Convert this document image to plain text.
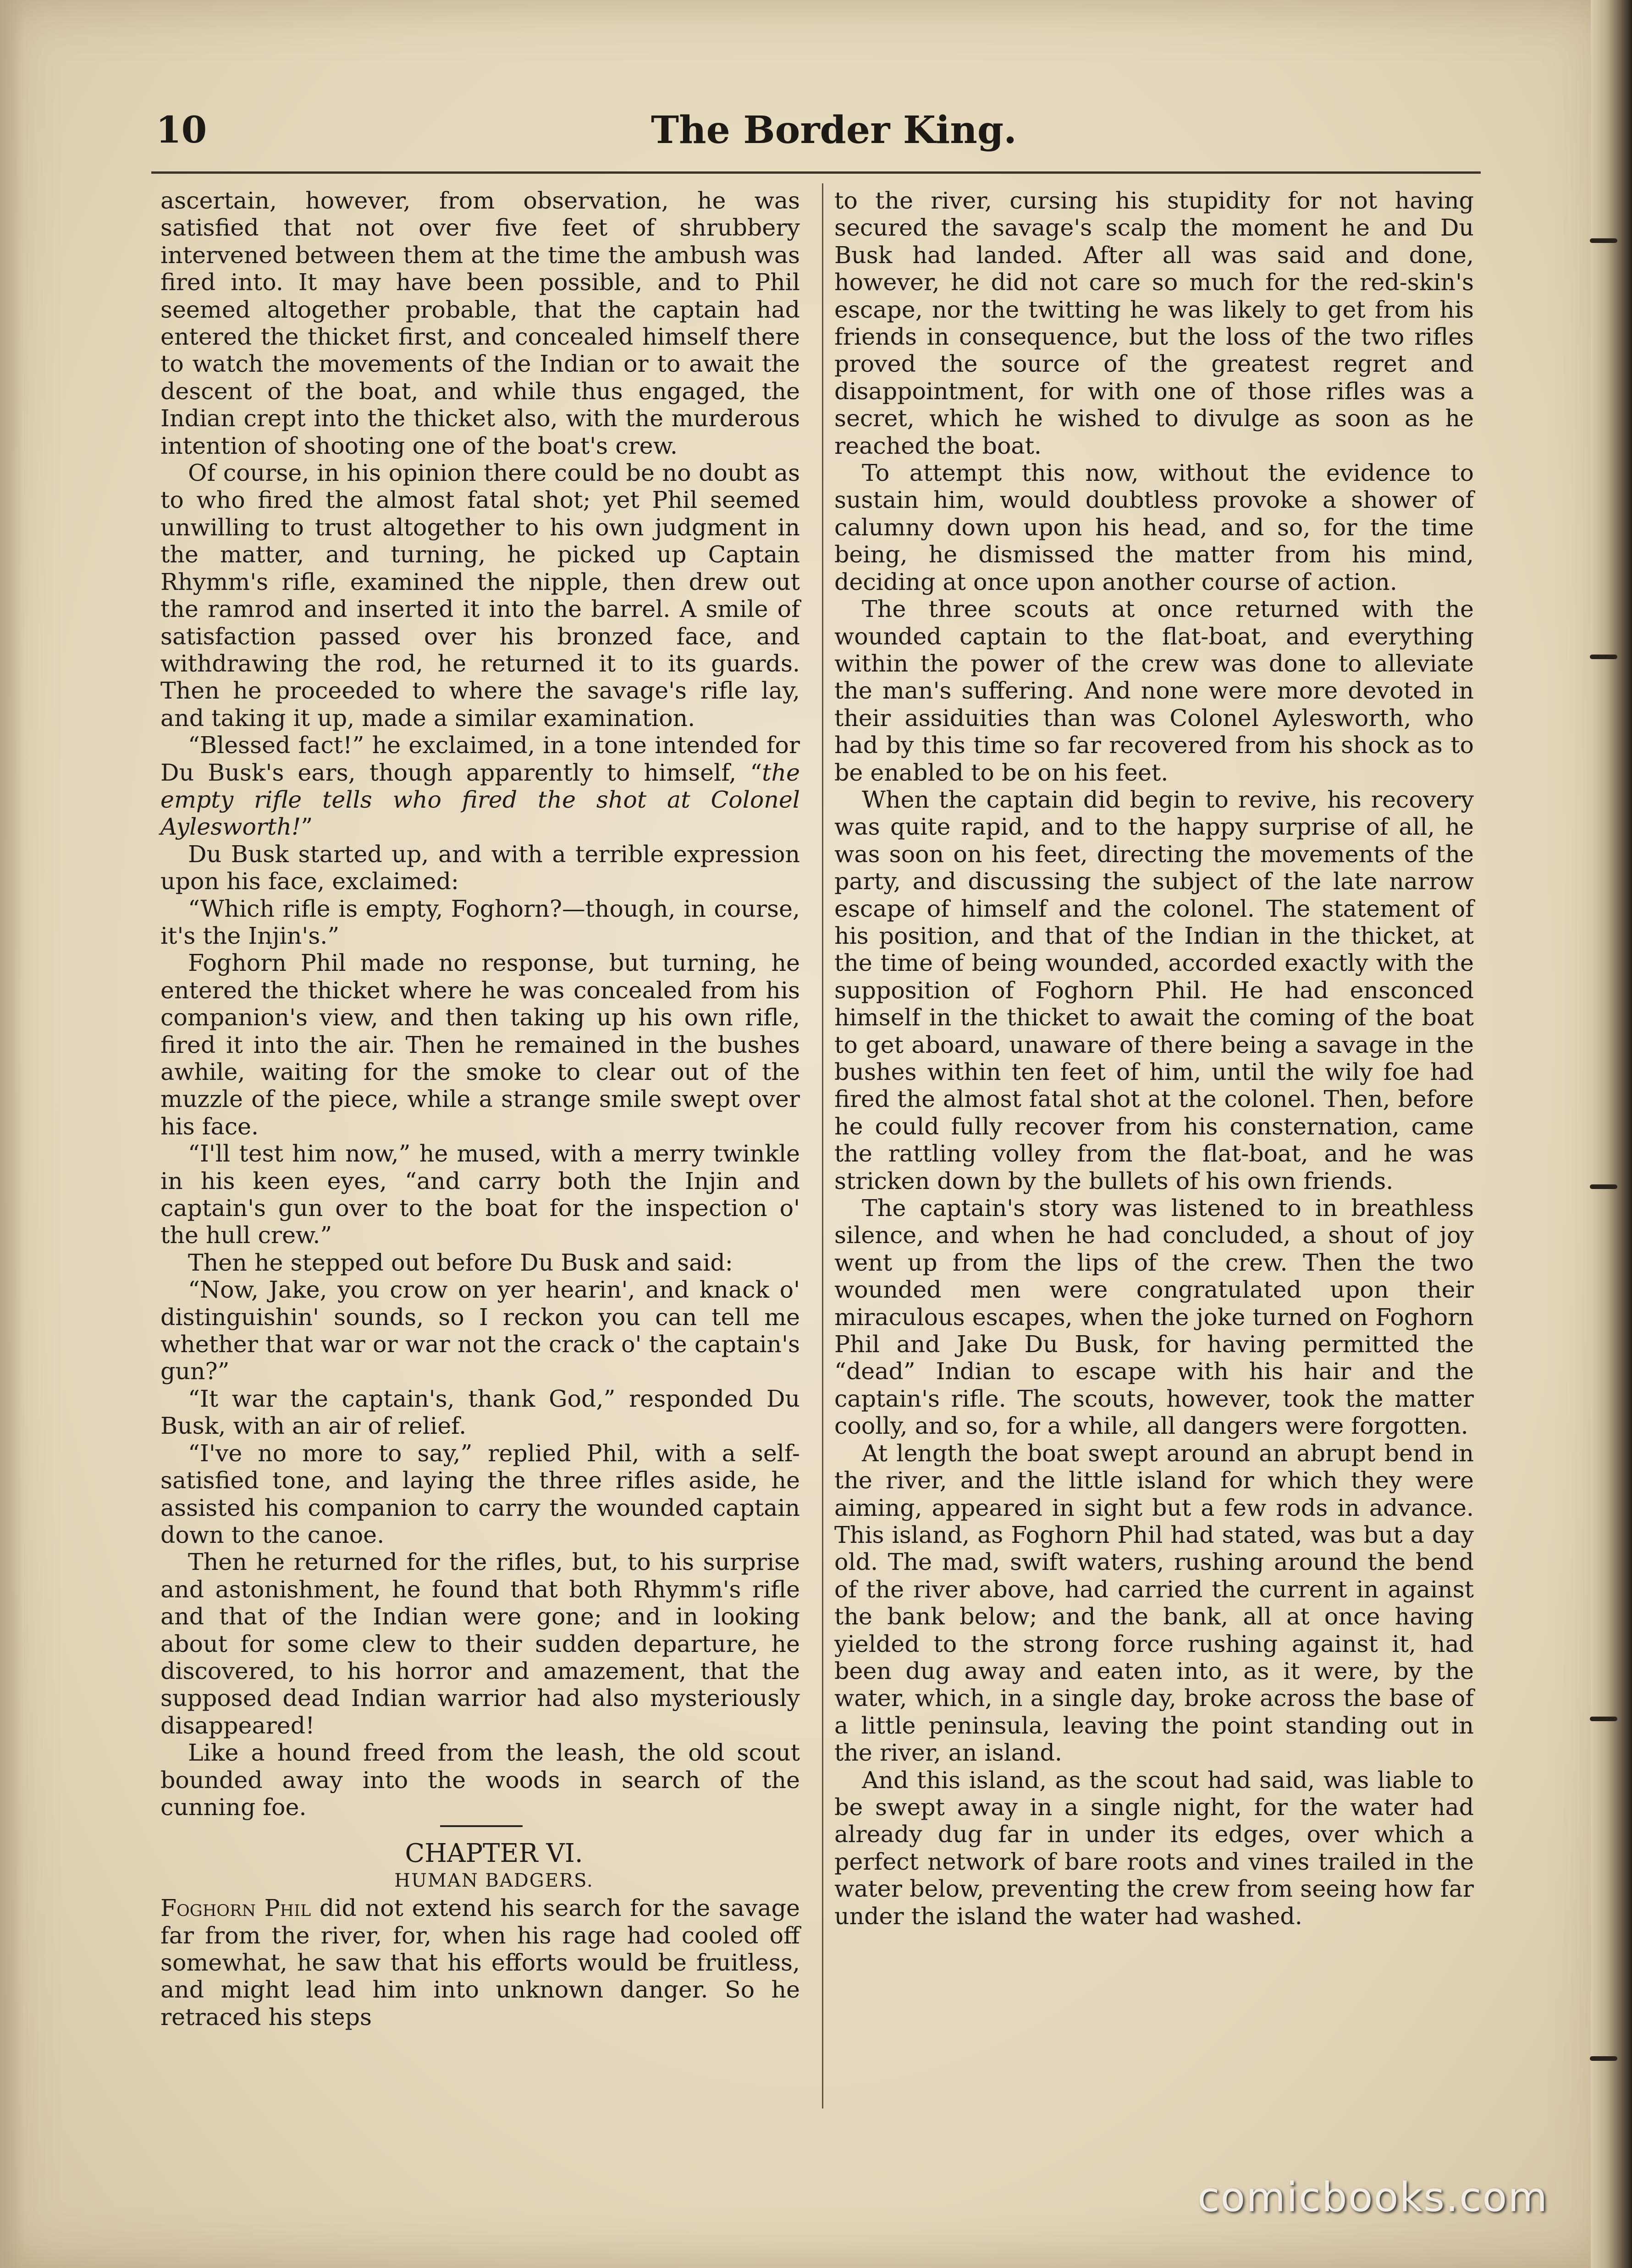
10	The Border King.

ascertain, however, from observation, he was satisfied that not over five feet of shrubbery intervened between them at the time the ambush was fired into. It may have been possible, and to Phil seemed altogether probable, that the captain had entered the thicket first, and concealed himself there to watch the movements of the Indian or to await the descent of the boat, and while thus engaged, the Indian crept into the thicket also, with the murderous intention of shooting one of the boat's crew.

Of course, in his opinion there could be no doubt as to who fired the almost fatal shot; yet Phil seemed unwilling to trust altogether to his own judgment in the matter, and turning, he picked up Captain Rhymm's rifle, examined the nipple, then drew out the ramrod and inserted it into the barrel. A smile of satisfaction passed over his bronzed face, and withdrawing the rod, he returned it to its guards. Then he proceeded to where the savage's rifle lay, and taking it up, made a similar examination.

“Blessed fact!” he exclaimed, in a tone intended for Du Busk's ears, though apparently to himself, “the empty rifle tells who fired the shot at Colonel Aylesworth!”

Du Busk started up, and with a terrible expression upon his face, exclaimed:

“Which rifle is empty, Foghorn?—though, in course, it's the Injin's.”

Foghorn Phil made no response, but turning, he entered the thicket where he was concealed from his companion's view, and then taking up his own rifle, fired it into the air. Then he remained in the bushes awhile, waiting for the smoke to clear out of the muzzle of the piece, while a strange smile swept over his face.

“I'll test him now,” he mused, with a merry twinkle in his keen eyes, “and carry both the Injin and captain's gun over to the boat for the inspection o' the hull crew.”

Then he stepped out before Du Busk and said:

“Now, Jake, you crow on yer hearin', and knack o' distinguishin' sounds, so I reckon you can tell me whether that war or war not the crack o' the captain's gun?”

“It war the captain's, thank God,” responded Du Busk, with an air of relief.

“I've no more to say,” replied Phil, with a self-satisfied tone, and laying the three rifles aside, he assisted his companion to carry the wounded captain down to the canoe.

Then he returned for the rifles, but, to his surprise and astonishment, he found that both Rhymm's rifle and that of the Indian were gone; and in looking about for some clew to their sudden departure, he discovered, to his horror and amazement, that the supposed dead Indian warrior had also mysteriously disappeared!

Like a hound freed from the leash, the old scout bounded away into the woods in search of the cunning foe.

CHAPTER VI.

HUMAN BADGERS.

Foghorn Phil did not extend his search for the savage far from the river, for, when his rage had cooled off somewhat, he saw that his efforts would be fruitless, and might lead him into unknown danger. So he retraced his steps

to the river, cursing his stupidity for not having secured the savage's scalp the moment he and Du Busk had landed. After all was said and done, however, he did not care so much for the red-skin's escape, nor the twitting he was likely to get from his friends in consequence, but the loss of the two rifles proved the source of the greatest regret and disappointment, for with one of those rifles was a secret, which he wished to divulge as soon as he reached the boat.

To attempt this now, without the evidence to sustain him, would doubtless provoke a shower of calumny down upon his head, and so, for the time being, he dismissed the matter from his mind, deciding at once upon another course of action.

The three scouts at once returned with the wounded captain to the flat-boat, and everything within the power of the crew was done to alleviate the man's suffering. And none were more devoted in their assiduities than was Colonel Aylesworth, who had by this time so far recovered from his shock as to be enabled to be on his feet.

When the captain did begin to revive, his recovery was quite rapid, and to the happy surprise of all, he was soon on his feet, directing the movements of the party, and discussing the subject of the late narrow escape of himself and the colonel. The statement of his position, and that of the Indian in the thicket, at the time of being wounded, accorded exactly with the supposition of Foghorn Phil. He had ensconced himself in the thicket to await the coming of the boat to get aboard, unaware of there being a savage in the bushes within ten feet of him, until the wily foe had fired the almost fatal shot at the colonel. Then, before he could fully recover from his consternation, came the rattling volley from the flat-boat, and he was stricken down by the bullets of his own friends.

The captain's story was listened to in breathless silence, and when he had concluded, a shout of joy went up from the lips of the crew. Then the two wounded men were congratulated upon their miraculous escapes, when the joke turned on Foghorn Phil and Jake Du Busk, for having permitted the “dead” Indian to escape with his hair and the captain's rifle. The scouts, however, took the matter coolly, and so, for a while, all dangers were forgotten.

At length the boat swept around an abrupt bend in the river, and the little island for which they were aiming, appeared in sight but a few rods in advance. This island, as Foghorn Phil had stated, was but a day old. The mad, swift waters, rushing around the bend of the river above, had carried the current in against the bank below; and the bank, all at once having yielded to the strong force rushing against it, had been dug away and eaten into, as it were, by the water, which, in a single day, broke across the base of a little peninsula, leaving the point standing out in the river, an island.

And this island, as the scout had said, was liable to be swept away in a single night, for the water had already dug far in under its edges, over which a perfect network of bare roots and vines trailed in the water below, preventing the crew from seeing how far under the island the water had washed.

comicbooks.com
